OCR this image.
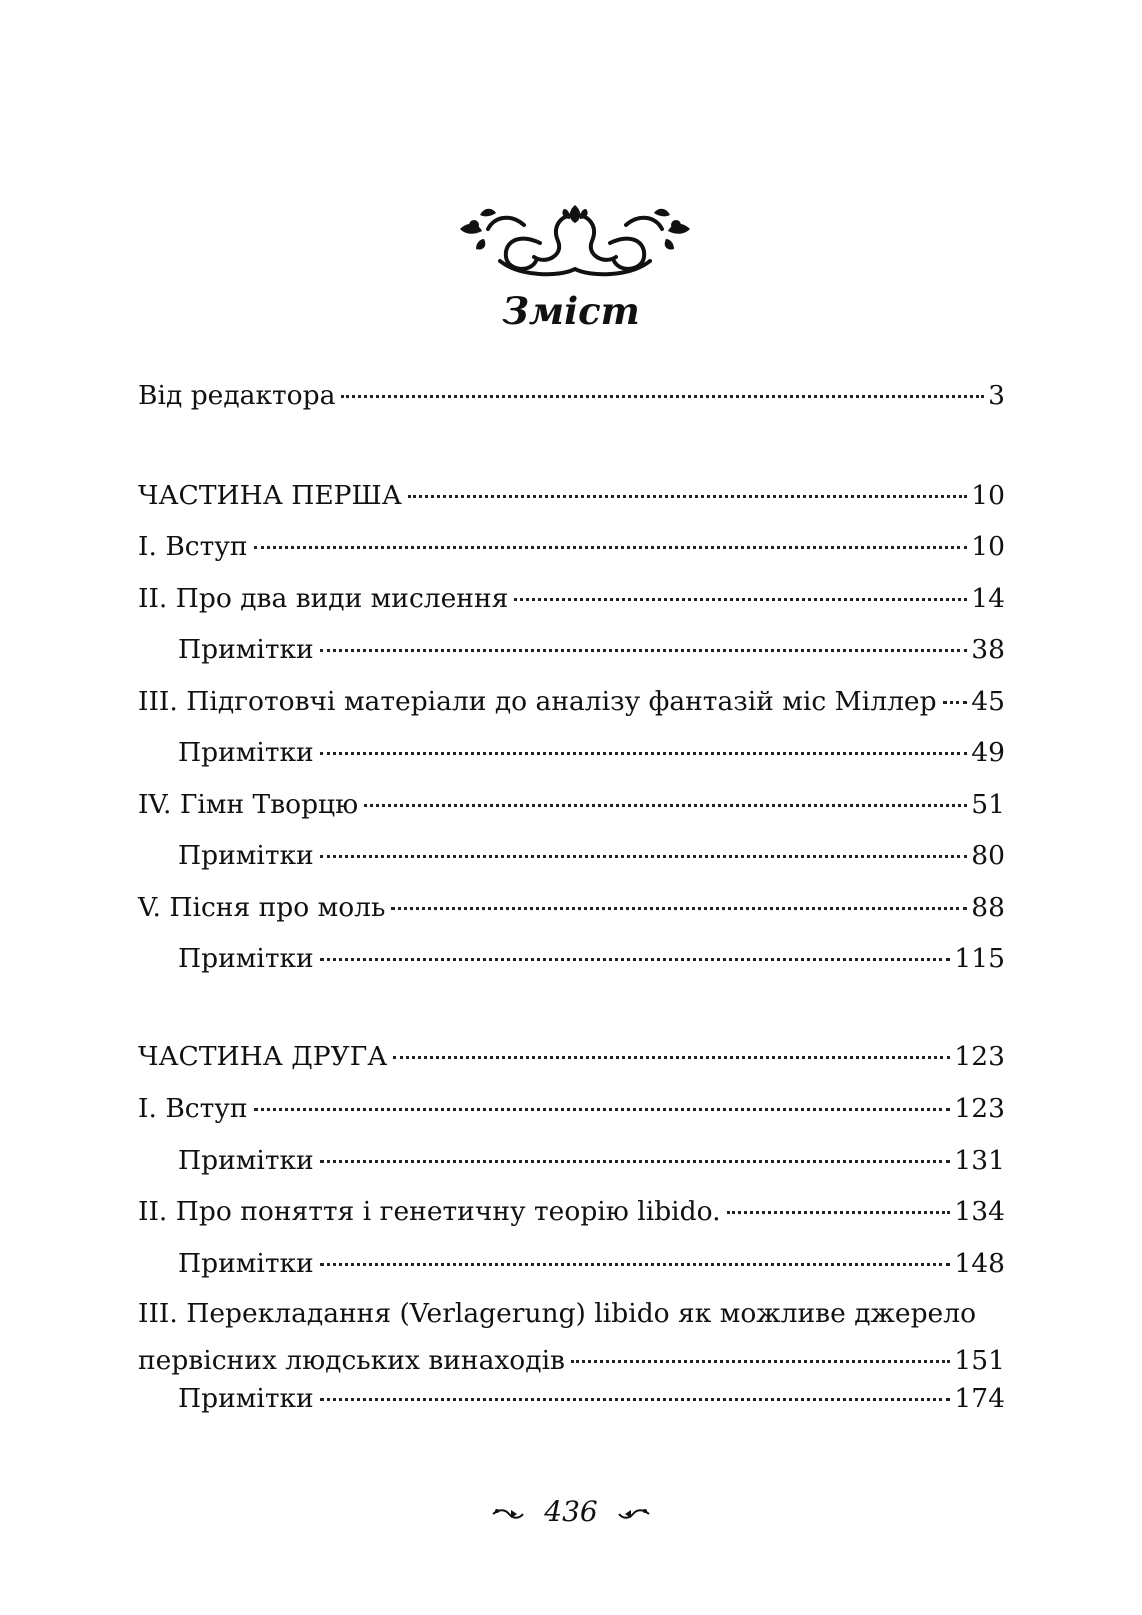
Зміст
Від редактора	3
ЧАСТИНА ПЕРША	10
І. Вступ	10
ІІ. Про два види мислення	14
Примітки	38
ІІІ. Підготовчі матеріали до аналізу фантазій міс Міллер 45
Примітки	49
IV. Гімн Творцю	51
Примітки	80
V. Пісня про моль	88
Примітки	115
ЧАСТИНА ДРУГА	123
І. Вступ	123
Примітки	131
ІІ. Про поняття і генетичну теорію libido.	134
Примітки	148
ІІІ. Перекладання (Verlagerung) libido як можливе джерело
первісних людських винаходів	151
Примітки	174
436
